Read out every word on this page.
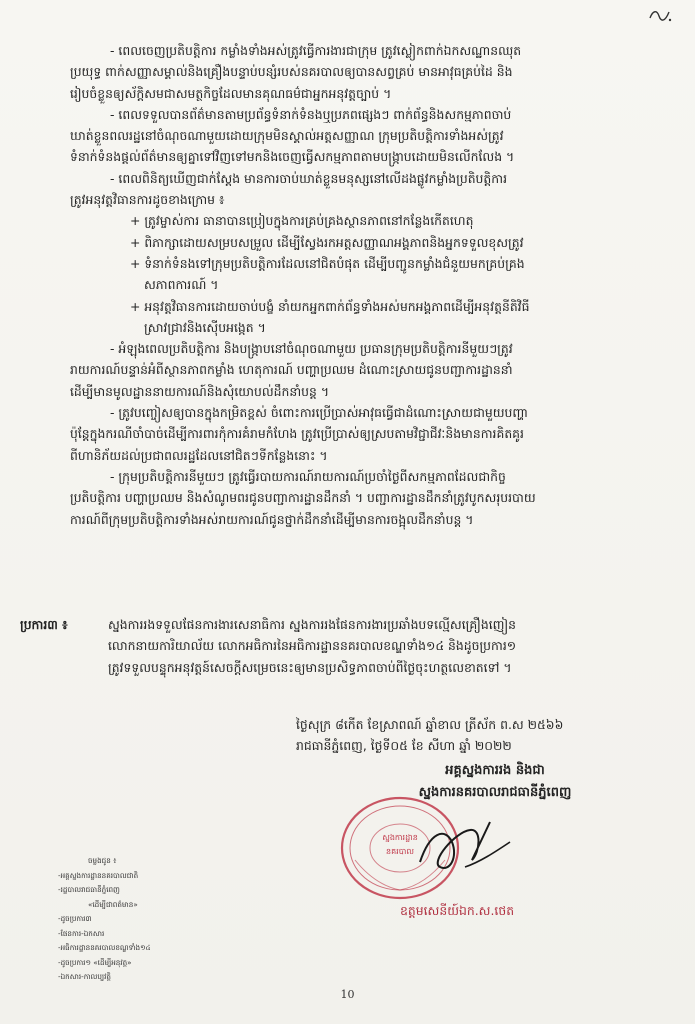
- ពេលចេញប្រតិបត្តិការ កម្លាំងទាំងអស់ត្រូវធ្វើការងារជាក្រុម ត្រូវស្លៀកពាក់ឯកសណ្ឋានឈុត
ប្រយុទ្ធ ពាក់សញ្ញាសម្គាល់និងគ្រឿងបន្ទាប់បន្សំរបស់នគរបាលឲ្យបានសព្វគ្រប់ មានអាវុធគ្រប់ដៃ និង
រៀបចំខ្លួនឲ្យស័ក្តិសមជាសមត្ថកិច្ចដែលមានគុណធម៌ជាអ្នកអនុវត្តច្បាប់ ។
- ពេលទទួលបានព័ត៌មានតាមប្រព័ន្ធទំនាក់ទំនងឬប្រភពផ្សេងៗ ពាក់ព័ន្ធនិងសកម្មភាពចាប់
ឃាត់ខ្លួនពលរដ្ឋនៅចំណុចណាមួយដោយក្រុមមិនស្គាល់អត្តសញ្ញាណ ក្រុមប្រតិបត្តិការទាំងអស់ត្រូវ
ទំនាក់ទំនងផ្តល់ព័ត៌មានឲ្យគ្នាទៅវិញទៅមកនិងចេញធ្វើសកម្មភាពតាមបង្ក្រាបដោយមិនលើកលែង ។
- ពេលពិនិត្យឃើញជាក់ស្តែង មានការចាប់ឃាត់ខ្លួនមនុស្សនៅលើដងផ្លូវកម្លាំងប្រតិបត្តិការ
ត្រូវអនុវត្តវិធានការដូចខាងក្រោម ៖
+ ត្រូវម្ចាស់ការ ធានាបានប្រៀបក្នុងការគ្រប់គ្រងស្ថានភាពនៅកន្លែងកើតហេតុ
+ ពិភាក្សាដោយសម្របសម្រួល ដើម្បីស្វែងរកអត្តសញ្ញាណអង្គភាពនិងអ្នកទទួលខុសត្រូវ
+ ទំនាក់ទំនងទៅក្រុមប្រតិបត្តិការដែលនៅជិតបំផុត ដើម្បីបញ្ជូនកម្លាំងជំនួយមកគ្រប់គ្រង
សភាពការណ៍ ។
+ អនុវត្តវិធានការដោយចាប់បង្ខំ នាំយកអ្នកពាក់ព័ន្ធទាំងអស់មកអង្គភាពដើម្បីអនុវត្តនីតិវិធី
ស្រាវជ្រាវនិងស៊ើបអង្កេត ។
- អំឡុងពេលប្រតិបត្តិការ និងបង្ក្រាបនៅចំណុចណាមួយ ប្រធានក្រុមប្រតិបត្តិការនីមួយៗត្រូវ
រាយការណ៍បន្ទាន់អំពីស្ថានភាពកម្លាំង ហេតុការណ៍ បញ្ហាប្រឈម ដំណោះស្រាយជូនបញ្ជាការដ្ឋាននាំ
ដើម្បីមានមូលដ្ឋាននាយការណ៍និងសុំយោបល់ដឹកនាំបន្ត ។
- ត្រូវបញ្ចៀសឲ្យបានក្នុងកម្រិតខ្ពស់ ចំពោះការប្រើប្រាស់អាវុធធ្វើជាដំណោះស្រាយជាមួយបញ្ហា
ប៉ុន្តែក្នុងករណីចាំបាច់ដើម្បីការពារកុំការគំរាមកំហែង ត្រូវប្រើប្រាស់ឲ្យស្របតាមវិជ្ជាជីវៈនិងមានការគិតគូរ
ពីហានិភ័យដល់ប្រជាពលរដ្ឋដែលនៅជិតៗទីកន្លែងនោះ ។
- ក្រុមប្រតិបត្តិការនីមួយៗ ត្រូវធ្វើរបាយការណ៍រាយការណ៍ប្រចាំថ្ងៃពីសកម្មភាពដែលជាកិច្ច
ប្រតិបត្តិការ បញ្ហាប្រឈម និងសំណូមពរជូនបញ្ជាការដ្ឋានដឹកនាំ ។ បញ្ជាការដ្ឋានដឹកនាំត្រូវបូកសរុបរបាយ
ការណ៍ពីក្រុមប្រតិបត្តិការទាំងអស់រាយការណ៍ជូនថ្នាក់ដឹកនាំដើម្បីមានការចង្អុលដឹកនាំបន្ត ។
ប្រការ៣ ៖	ស្នងការរងទទួលផែនការងារសេនាធិការ ស្នងការរងផែនការងារប្រឆាំងបទល្មើសគ្រឿងញៀន
លោកនាយការិយាល័យ លោកអធិការនៃអធិការដ្ឋាននគរបាលខណ្ឌទាំង១៤ និងដូចប្រការ១
ត្រូវទទួលបន្ទុកអនុវត្តន៍សេចក្តីសម្រេចនេះឲ្យមានប្រសិទ្ធភាពចាប់ពីថ្ងៃចុះហត្ថលេខាតទៅ ។
ថ្ងៃសុក្រ ៨កើត ខែស្រាពណ៍ ឆ្នាំខាល ត្រីស័ក ព.ស ២៥៦៦
រាជធានីភ្នំពេញ, ថ្ងៃទី០៥ ខែ សីហា ឆ្នាំ ២០២២
អគ្គស្នងការរង និងជា
ស្នងការនគរបាលរាជធានីភ្នំពេញ
ស្នងការដ្ឋាន
នគរបាល
ឧត្តមសេនីយ៍ឯក.ស.ថេត
ចម្លងជូន ៖
-អគ្គស្នងការដ្ឋាននគរបាលជាតិ
-រដ្ឋបាលរាជធានីភ្នំពេញ
«ដើម្បីជាពត៌មាន»
-ដូចប្រការ៣
-ផែនការ-ឯកសារ
-អធិការដ្ឋាននគរបាលខណ្ឌទាំង១៤
-ដូចប្រការ១ «ដើម្បីអនុវត្ត»
-ឯកសារ-កាលប្បវត្តិ
10
